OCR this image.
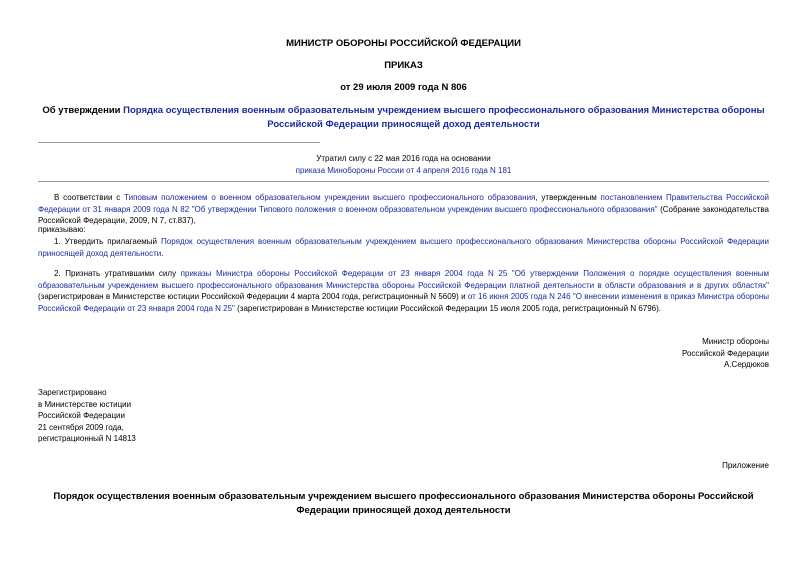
МИНИСТР ОБОРОНЫ РОССИЙСКОЙ ФЕДЕРАЦИИ
ПРИКАЗ
от 29 июля 2009 года N 806
Об утверждении Порядка осуществления военным образовательным учреждением высшего профессионального образования Министерства обороны Российской Федерации приносящей доход деятельности
Утратил силу с 22 мая 2016 года на основании
приказа Минобороны России от 4 апреля 2016 года N 181
В соответствии с Типовым положением о военном образовательном учреждении высшего профессионального образования, утвержденным постановлением Правительства Российской Федерации от 31 января 2009 года N 82 "Об утверждении Типового положения о военном образовательном учреждении высшего профессионального образования" (Собрание законодательства Российской Федерации, 2009, N 7, ст.837),
приказываю:
1. Утвердить прилагаемый Порядок осуществления военным образовательным учреждением высшего профессионального образования Министерства обороны Российской Федерации приносящей доход деятельности.
2. Признать утратившими силу приказы Министра обороны Российской Федерации от 23 января 2004 года N 25 "Об утверждении Положения о порядке осуществления военным образовательным учреждением высшего профессионального образования Министерства обороны Российской Федерации платной деятельности в области образования и в других областях" (зарегистрирован в Министерстве юстиции Российской Федерации 4 марта 2004 года, регистрационный N 5609) и от 16 июня 2005 года N 246 "О внесении изменения в приказ Министра обороны Российской Федерации от 23 января 2004 года N 25" (зарегистрирован в Министерстве юстиции Российской Федерации 15 июля 2005 года, регистрационный N 6796).
Министр обороны
Российской Федерации
А.Сердюков
Зарегистрировано
в Министерстве юстиции
Российской Федерации
21 сентября 2009 года,
регистрационный N 14813
Приложение
Порядок осуществления военным образовательным учреждением высшего профессионального образования Министерства обороны Российской Федерации приносящей доход деятельности
